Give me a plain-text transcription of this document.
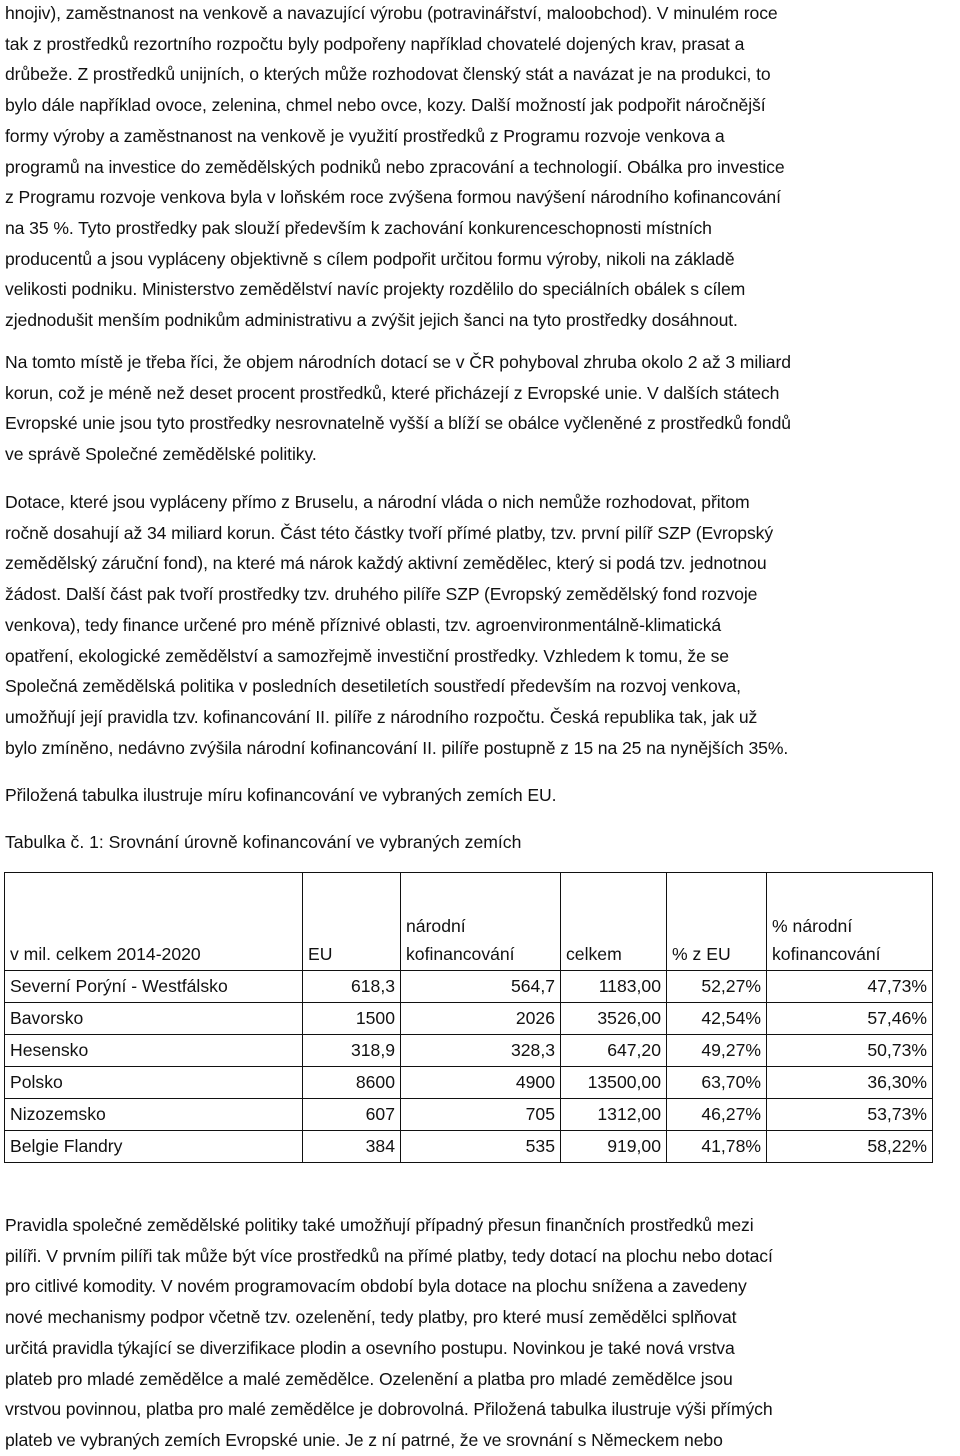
hnojiv), zaměstnanost na venkově a navazující výrobu (potravinářství, maloobchod). V minulém roce
tak z prostředků rezortního rozpočtu byly podpořeny například chovatelé dojených krav, prasat a
drůbeže. Z prostředků unijních, o kterých může rozhodovat členský stát a navázat je na produkci, to
bylo dále například ovoce, zelenina, chmel nebo ovce, kozy. Další možností jak podpořit náročnější
formy výroby a zaměstnanost na venkově je využití prostředků z Programu rozvoje venkova a
programů na investice do zemědělských podniků nebo zpracování a technologií. Obálka pro investice
z Programu rozvoje venkova byla v loňském roce zvýšena formou navýšení národního kofinancování
na 35 %. Tyto prostředky pak slouží především k zachování konkurenceschopnosti místních
producentů a jsou vypláceny objektivně s cílem podpořit určitou formu výroby, nikoli na základě
velikosti podniku. Ministerstvo zemědělství navíc projekty rozdělilo do speciálních obálek s cílem
zjednodušit menším podnikům administrativu a zvýšit jejich šanci na tyto prostředky dosáhnout.
Na tomto místě je třeba říci, že objem národních dotací se v ČR pohyboval zhruba okolo 2 až 3 miliard
korun, což je méně než deset procent prostředků, které přicházejí z Evropské unie. V dalších státech
Evropské unie jsou tyto prostředky nesrovnatelně vyšší a blíží se obálce vyčleněné z prostředků fondů
ve správě Společné zemědělské politiky.
Dotace, které jsou vypláceny přímo z Bruselu, a národní vláda o nich nemůže rozhodovat, přitom
ročně dosahují až 34 miliard korun. Část této částky tvoří přímé platby, tzv. první pilíř SZP (Evropský
zemědělský záruční fond), na které má nárok každý aktivní zemědělec, který si podá tzv. jednotnou
žádost. Další část pak tvoří prostředky tzv. druhého pilíře SZP (Evropský zemědělský fond rozvoje
venkova), tedy finance určené pro méně příznivé oblasti, tzv. agroenvironmentálně-klimatická
opatření, ekologické zemědělství a samozřejmě investiční prostředky. Vzhledem k tomu, že se
Společná zemědělská politika v posledních desetiletích soustředí především na rozvoj venkova,
umožňují její pravidla tzv. kofinancování II. pilíře z národního rozpočtu. Česká republika tak, jak už
bylo zmíněno, nedávno zvýšila národní kofinancování II. pilíře postupně z 15 na 25 na nynějších 35%.
Přiložená tabulka ilustruje míru kofinancování ve vybraných zemích EU.

Tabulka č. 1: Srovnání úrovně kofinancování ve vybraných zemích

v mil. celkem 2014-2020	EU	národní kofinancování	celkem	% z EU	% národní kofinancování
Severní Porýní - Westfálsko	618,3	564,7	1183,00	52,27%	47,73%
Bavorsko	1500	2026	3526,00	42,54%	57,46%
Hesensko	318,9	328,3	647,20	49,27%	50,73%
Polsko	8600	4900	13500,00	63,70%	36,30%
Nizozemsko	607	705	1312,00	46,27%	53,73%
Belgie Flandry	384	535	919,00	41,78%	58,22%
Pravidla společné zemědělské politiky také umožňují případný přesun finančních prostředků mezi
pilíři. V prvním pilíři tak může být více prostředků na přímé platby, tedy dotací na plochu nebo dotací
pro citlivé komodity. V novém programovacím období byla dotace na plochu snížena a zavedeny
nové mechanismy podpor včetně tzv. ozelenění, tedy platby, pro které musí zemědělci splňovat
určitá pravidla týkající se diverzifikace plodin a osevního postupu. Novinkou je také nová vrstva
plateb pro mladé zemědělce a malé zemědělce. Ozelenění a platba pro mladé zemědělce jsou
vrstvou povinnou, platba pro malé zemědělce je dobrovolná. Přiložená tabulka ilustruje výši přímých
plateb ve vybraných zemích Evropské unie. Je z ní patrné, že ve srovnání s Německem nebo
